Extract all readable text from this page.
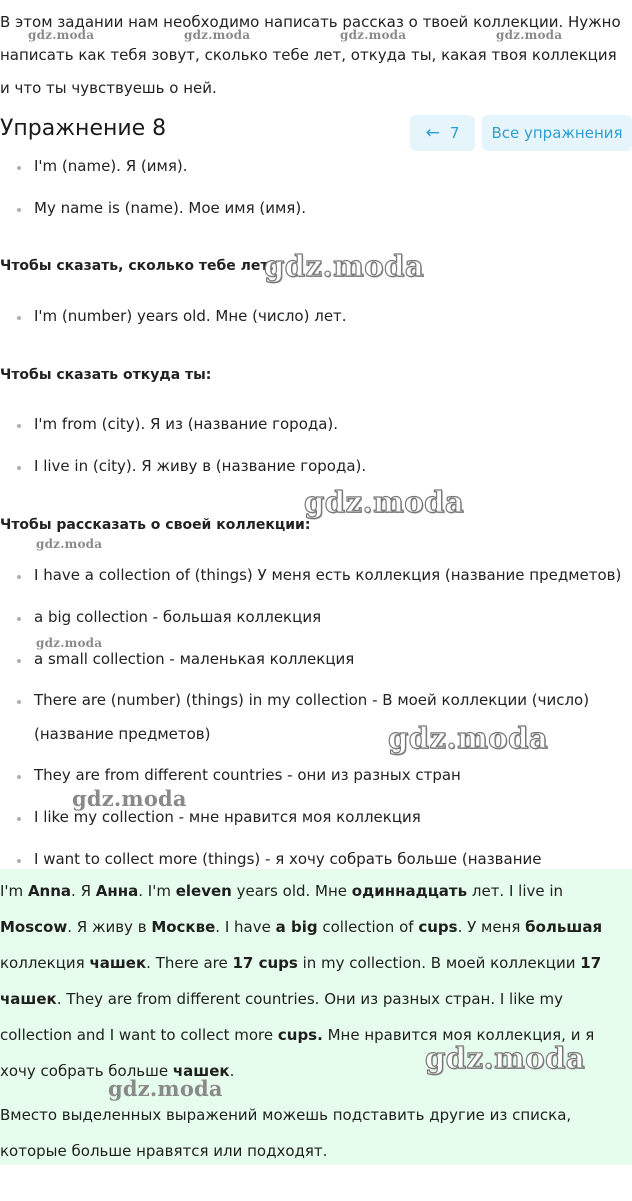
В этом задании нам необходимо написать рассказ о твоей коллекции. Нужно написать как тебя зовут, сколько тебе лет, откуда ты, какая твоя коллекция и что ты чувствуешь о ней.
Упражнение 8	← 7	Все упражнения
I'm (name). Я (имя).
My name is (name). Мое имя (имя).
Чтобы сказать, сколько тебе лет:
I'm (number) years old. Мне (число) лет.
Чтобы сказать откуда ты:
I'm from (city). Я из (название города).
I live in (city). Я живу в (название города).
Чтобы рассказать о своей коллекции:
I have a collection of (things) У меня есть коллекция (название предметов)
a big collection - большая коллекция
a small collection - маленькая коллекция
There are (number) (things) in my collection - В моей коллекции (число)
(название предметов)
They are from different countries - они из разных стран
I like my collection - мне нравится моя коллекция
I want to collect more (things) - я хочу собрать больше (название
I'm Anna. Я Анна. I'm eleven years old. Мне одиннадцать лет. I live in Moscow. Я живу в Москве. I have a big collection of cups. У меня большая коллекция чашек. There are 17 cups in my collection. В моей коллекции 17 чашек. They are from different countries. Они из разных стран. I like my collection and I want to collect more cups. Мне нравится моя коллекция, и я хочу собрать больше чашек.
Вместо выделенных выражений можешь подставить другие из списка, которые больше нравятся или подходят.
gdz.moda	gdz.moda	gdz.moda	gdz.moda
gdz.moda
gdz.moda
gdz.moda
gdz.moda
gdz.moda
gdz.moda
gdz.moda
gdz.moda
